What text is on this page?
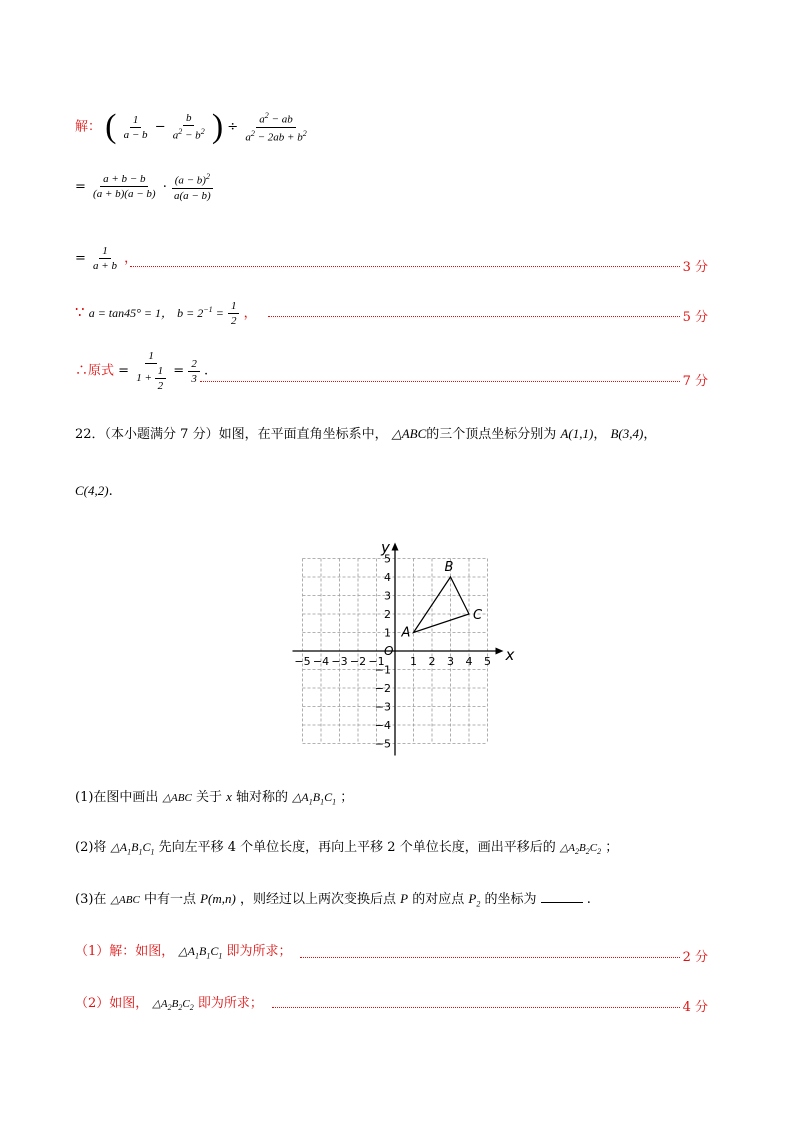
解： ( $\frac{1}{a - b} - \frac{b}{a^2 - b^2}$ ) ÷ $\frac{a^2 - ab}{a^2 - 2ab + b^2}$
= $\frac{a + b - b}{(a + b)(a - b)} \cdot \frac{(a - b)^2}{a(a - b)}$
= $\frac{1}{a + b}$ ，
3 分
∵ a = tan45° = 1， $b = 2^{-1} = \frac{1}{2}$ ，	5 分
∴原式 = $\frac{1}{1 + \frac{1}{2}} = \frac{2}{3}$ .
7 分
22．（本小题满分 7 分）如图，在平面直角坐标系中， △ABC的三个顶点坐标分别为 A(1,1)， B(3,4)，
C(4,2).
x
y
O
−5 −4 −3 −2 −1 1 2 3 4 5
5
4
3
2
1
−1
−2
−3
−4
−5
A
B
C
(1)在图中画出 △ABC 关于 x 轴对称的 $\triangle A_1B_1C_1$ ；
(2)将 $\triangle A_1B_1C_1$ 先向左平移 4 个单位长度，再向上平移 2 个单位长度，画出平移后的 $\triangle A_2B_2C_2$ ；
(3)在 △ABC 中有一点 P(m,n) ，则经过以上两次变换后点 P 的对应点 $P_2$ 的坐标为	.
（1）解：如图， $\triangle A_1B_1C_1$ 即为所求；	2 分
（2）如图， $\triangle A_2B_2C_2$ 即为所求；	4 分
